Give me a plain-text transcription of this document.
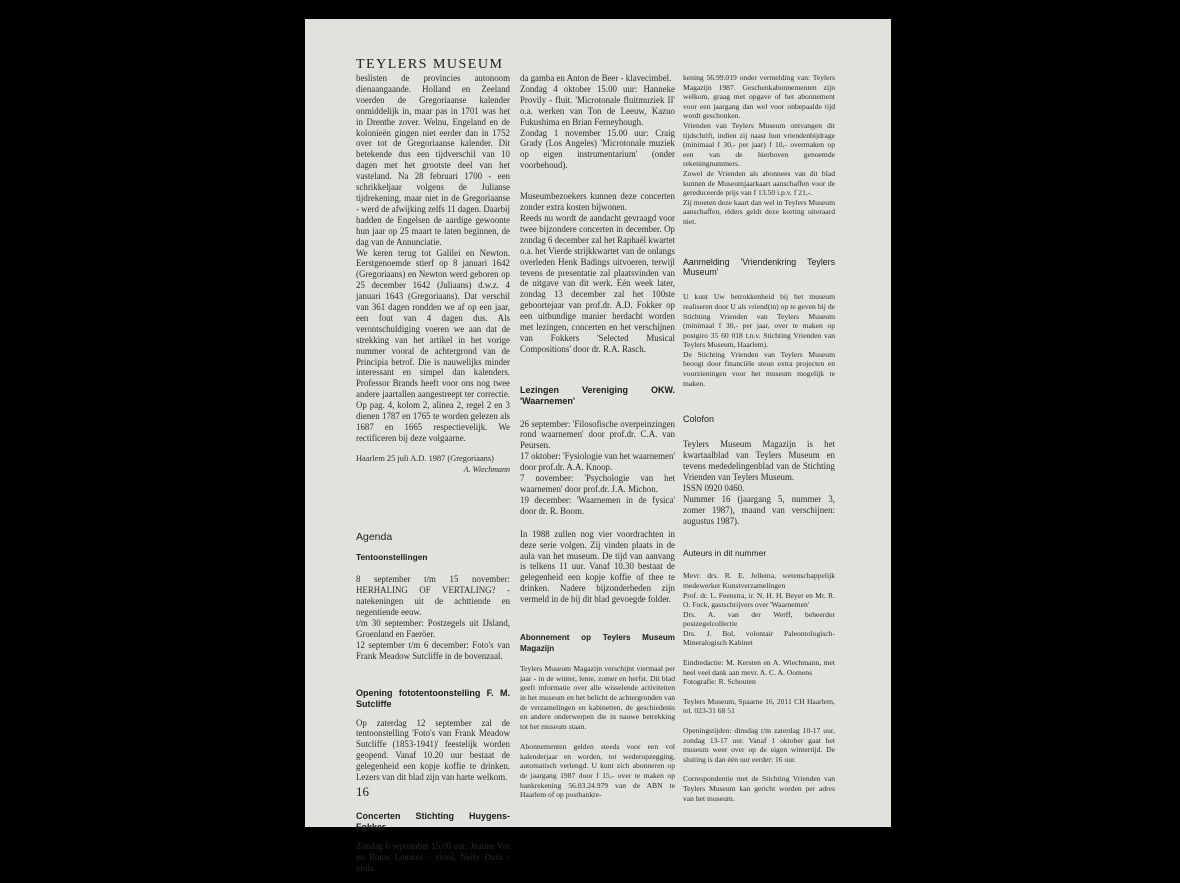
TEYLERS MUSEUM

beslisten de provincies autonoom dienaangaande. Holland en Zeeland voerden de Gregoriaanse kalender onmiddelijk in, maar pas in 1701 was het in Drenthe zover. Welnu, Engeland en de kolonieën gingen niet eerder dan in 1752 over tot de Gregoriaanse kalender. Dit betekende dus een tijdverschil van 10 dagen met het grootste deel van het vasteland. Na 28 februari 1700 - een schrikkeljaar volgens de Julianse tijdrekening, maar niet in de Gregoriaanse - werd de afwijking zelfs 11 dagen. Daarbij hadden de Engelsen de aardige gewoonte hun jaar op 25 maart te laten beginnen, de dag van de Annunciatie.

We keren terug tot Galilei en Newton. Eerstgenoemde stierf op 8 januari 1642 (Gregoriaans) en Newton werd geboren op 25 december 1642 (Juliaans) d.w.z. 4 januari 1643 (Gregoriaans). Dat verschil van 361 dagen rondden we af op een jaar, een fout van 4 dagen dus. Als verontschuldiging voeren we aan dat de strekking van het artikel in het vorige nummer vooral de achtergrond van de Principia betrof. Die is nauwelijks minder interessant en simpel dan kalenders. Professor Brands heeft voor ons nog twee andere jaartallen aangestreept ter correctie. Op pag. 4, kolom 2, alinea 2, regel 2 en 3 dienen 1787 en 1765 te worden gelezen als 1687 en 1665 respectievelijk. We rectificeren bij deze volgaarne.

Haarlem 25 juli A.D. 1987 (Gregoriaans)
A. Wiechmann
Agenda
Tentoonstellingen
8 september t/m 15 november: HERHALING OF VERTALING? - natekeningen uit de achttiende en negentiende eeuw.
t/m 30 september: Postzegels uit IJsland, Groenland en Faeröer.
12 september t/m 6 december: Foto's van Frank Meadow Sutcliffe in de bovenzaal.
Opening fototentoonstelling F. M. Sutcliffe

Op zaterdag 12 september zal de tentoonstelling 'Foto's van Frank Meadow Sutcliffe (1853-1941)' feestelijk worden geopend. Vanaf 10.20 uur bestaat de gelegenheid een kopje koffie te drinken. Lezers van dit blad zijn van harte welkom.

Concerten Stichting Huygens-Fokker

Zondag 6 september 15.00 uur: Jeanne Vos en Bouw Lemkes - viool, Nelly Duin - viola

da gamba en Anton de Beer - klavecimbel.
Zondag 4 oktober 15.00 uur: Hanneke Provily - fluit. 'Microtonale fluitmuziek II' o.a. werken van Ton de Leeuw, Kazuo Fukushima en Brian Ferneyhough.
Zondag 1 november 15.00 uur: Craig Grady (Los Angeles) 'Microtonale muziek op eigen instrumentarium' (onder voorbehoud).
Museumbezoekers kunnen deze concerten zonder extra kosten bijwonen.
Reeds nu wordt de aandacht gevraagd voor twee bijzondere concerten in december. Op zondag 6 december zal het Raphaël kwartet o.a. het Vierde strijkkwartet van de onlangs overleden Henk Badings uitvoeren, terwijl tevens de presentatie zal plaatsvinden van de uitgave van dit werk. Eén week later, zondag 13 december zal het 100ste geboortejaar van prof.dr. A.D. Fokker op een uitbundige manier herdacht worden met lezingen, concerten en het verschijnen van Fokkers 'Selected Musical Compositions' door dr. R.A. Rasch.
Lezingen Vereniging OKW. 'Waarnemen'
26 september: 'Filosofische overpeinzingen rond waarnemen' door prof.dr. C.A. van Peursen.
17 oktober: 'Fysiologie van het waarnemen' door prof.dr. A.A. Knoop.
7 november: 'Psychologie van het waarnemen' door prof.dr. J.A. Michon.
19 december: 'Waarnemen in de fysica' door dr. R. Boom.
In 1988 zullen nog vier voordrachten in deze serie volgen. Zij vinden plaats in de aula van het museum. De tijd van aanvang is telkens 11 uur. Vanaf 10.30 bestaat de gelegenheid een kopje koffie of thee te drinken. Nadere bijzonderheden zijn vermeld in de bij dit blad gevoegde folder.
Abonnement op Teylers Museum Magazijn
Teylers Museum Magazijn verschijnt viermaal per jaar - in de winter, lente, zomer en herfst. Dit blad geeft informatie over alle wisselende activiteiten in het museum en het belicht de achtergronden van de verzamelingen en kabinetten, de geschiedenis en andere onderwerpen die in nauwe betrekking tot het museum staan.
Abonnementen gelden steeds voor een vol kalenderjaar en worden, tot wederopzegging, automatisch verlengd. U kunt zich abonneren op de jaargang 1987 door f 15,- over te maken op bankrekening 56.03.24.979 van de ABN te Haarlem of op postbankre-
kening 56.99.019 onder vermelding van: Teylers Magazijn 1987. Geschenkabonnementen zijn welkom, graag met opgave of het abonnement voor een jaargang dan wel voor onbepaalde tijd wordt geschonken.
Vrienden van Teylers Museum ontvangen dit tijdschrift, indien zij naast hun vriendenbijdrage (minimaal f 30,- per jaar) f 10,- overmaken op een van de hierboven genoemde rekeningnummers.
Zowel de Vrienden als abonnees van dit blad kunnen de Museumjaarkaart aanschaffen voor de gereduceerde prijs van f 13.50 i.p.v. f 21,-.
Zij moeten deze kaart dan wel in Teylers Museum aanschaffen, elders geldt deze korting uiteraard niet.
Aanmelding 'Vriendenkring Teylers Museum'
U kunt Uw betrokkenheid bij het museum realiseren door U als vriend(in) op te geven bij de Stichting Vrienden van Teylers Museum (minimaal f 30,- per jaar, over te maken op postgiro 35 60 018 t.n.v. Stichting Vrienden van Teylers Museum, Haarlem).
De Stichting Vrienden van Teylers Museum beoogt door financiële steun extra projecten en voorzieningen voor het museum mogelijk te maken.
Colofon
Teylers Museum Magazijn is het kwartaalblad van Teylers Museum en tevens mededelingenblad van de Stichting Vrienden van Teylers Museum.
ISSN 0920 0460.
Nummer 16 (jaargang 5, nummer 3, zomer 1987), maand van verschijnen: augustus 1987).
Auteurs in dit nummer
Mevr. drs. R. E. Jellema, wetenschappelijk medewerker Kunstverzamelingen
Prof. dr. L. Feenstra, ir. N. H. H. Beyer en Mr. R. O. Fock, gastschrijvers over 'Waarnemen'
Drs. A. van der Werff, beheerder postzegelcollectie
Drs. J. Bol, volontair Paleontologisch-Mineralogisch Kabinet
Eindredactie: M. Kersten en A. Wiechmann, met heel veel dank aan mevr. A. C. A. Oomens
Fotografie: R. Schouten
Teylers Museum, Spaarne 16, 2011 CH Haarlem, tel. 023-31 68 51
Openingstijden: dinsdag t/m zaterdag 10-17 uur, zondag 13-17 uur. Vanaf 1 oktober gaat het museum weer over op de eigen wintertijd. De sluiting is dan één uur eerder: 16 uur.
Correspondentie met de Stichting Vrienden van Teylers Museum kan gericht worden per adres van het museum.
16
